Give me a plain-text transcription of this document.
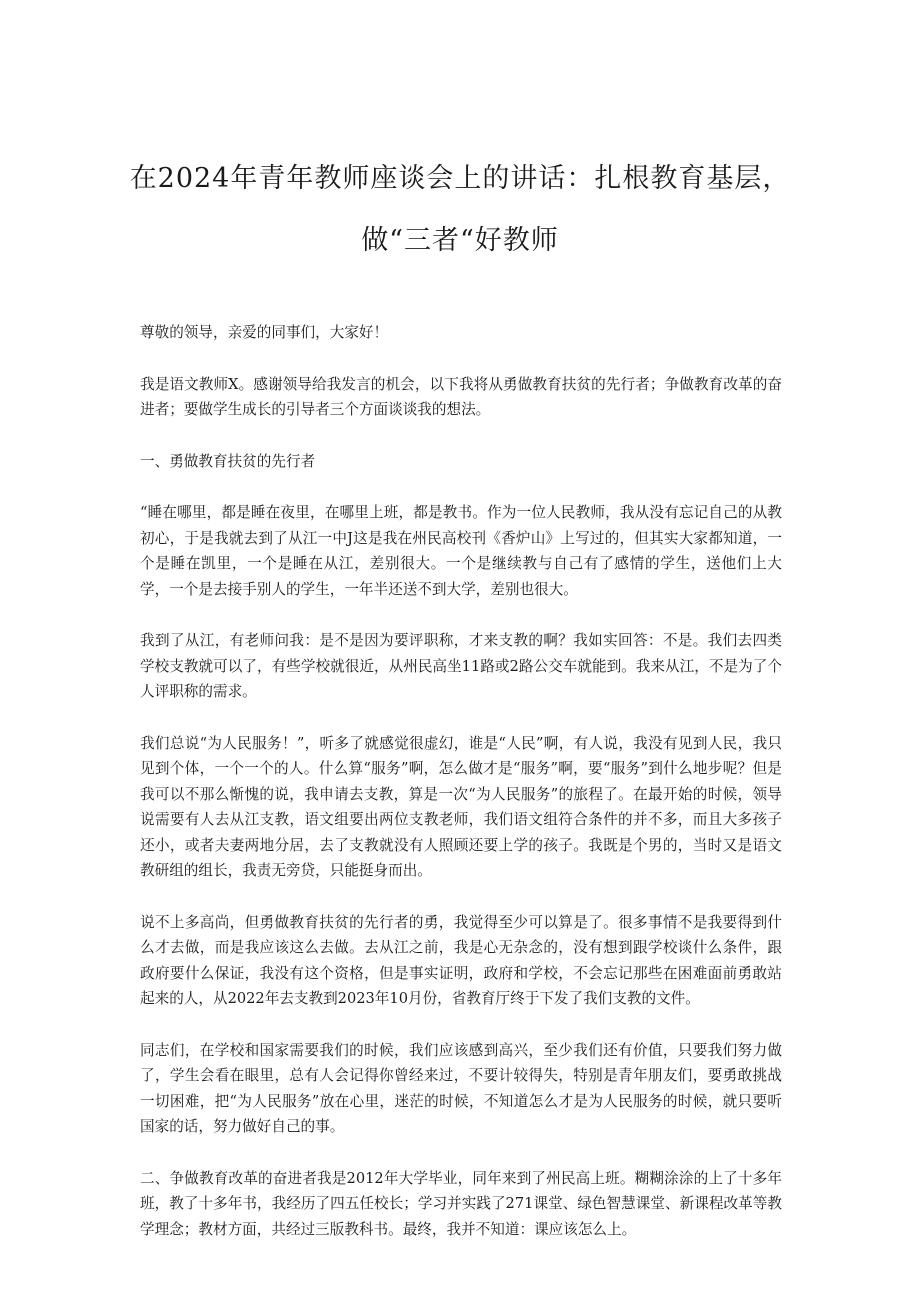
在2024年青年教师座谈会上的讲话：扎根教育基层，做“三者“好教师

尊敬的领导，亲爱的同事们，大家好！

我是语文教师X。感谢领导给我发言的机会，以下我将从勇做教育扶贫的先行者；争做教育改革的奋进者；要做学生成长的引导者三个方面谈谈我的想法。

一、勇做教育扶贫的先行者

“睡在哪里，都是睡在夜里，在哪里上班，都是教书。作为一位人民教师，我从没有忘记自己的从教初心，于是我就去到了从江一中J这是我在州民高校刊《香炉山》上写过的，但其实大家都知道，一个是睡在凯里，一个是睡在从江，差别很大。一个是继续教与自己有了感情的学生，送他们上大学，一个是去接手别人的学生，一年半还送不到大学，差别也很大。

我到了从江，有老师问我：是不是因为要评职称，才来支教的啊？我如实回答：不是。我们去四类学校支教就可以了，有些学校就很近，从州民高坐11路或2路公交车就能到。我来从江，不是为了个人评职称的需求。

我们总说“为人民服务！”，听多了就感觉很虚幻，谁是“人民”啊，有人说，我没有见到人民，我只见到个体，一个一个的人。什么算“服务”啊，怎么做才是“服务”啊，要“服务”到什么地步呢？但是我可以不那么惭愧的说，我申请去支教，算是一次“为人民服务”的旅程了。在最开始的时候，领导说需要有人去从江支教，语文组要出两位支教老师，我们语文组符合条件的并不多，而且大多孩子还小，或者夫妻两地分居，去了支教就没有人照顾还要上学的孩子。我既是个男的，当时又是语文教研组的组长，我责无旁贷，只能挺身而出。

说不上多高尚，但勇做教育扶贫的先行者的勇，我觉得至少可以算是了。很多事情不是我要得到什么才去做，而是我应该这么去做。去从江之前，我是心无杂念的，没有想到跟学校谈什么条件，跟政府要什么保证，我没有这个资格，但是事实证明，政府和学校，不会忘记那些在困难面前勇敢站起来的人，从2022年去支教到2023年10月份，省教育厅终于下发了我们支教的文件。

同志们，在学校和国家需要我们的时候，我们应该感到高兴，至少我们还有价值，只要我们努力做了，学生会看在眼里，总有人会记得你曾经来过，不要计较得失，特别是青年朋友们，要勇敢挑战一切困难，把“为人民服务”放在心里，迷茫的时候，不知道怎么才是为人民服务的时候，就只要听国家的话，努力做好自己的事。

二、争做教育改革的奋进者我是2012年大学毕业，同年来到了州民高上班。糊糊涂涂的上了十多年班，教了十多年书，我经历了四五任校长；学习并实践了271课堂、绿色智慧课堂、新课程改革等教学理念；教材方面，共经过三版教科书。最终，我并不知道：课应该怎么上。
